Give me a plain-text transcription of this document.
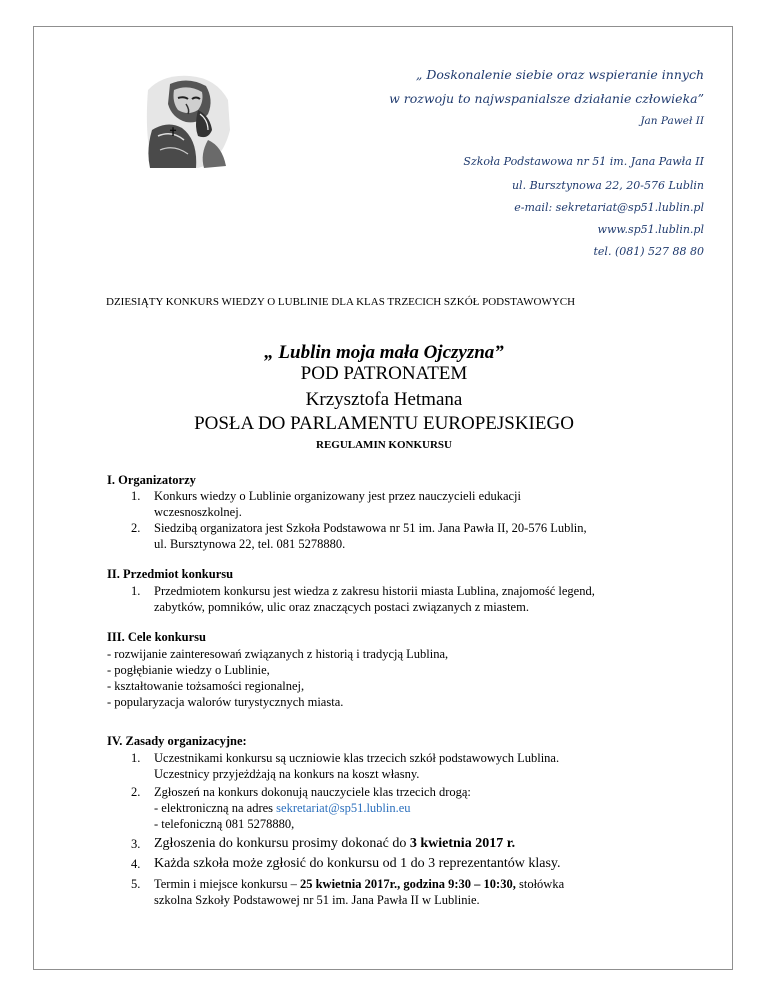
✝
„ Doskonalenie siebie oraz wspieranie innych
w rozwoju to najwspanialsze działanie człowieka”
Jan Paweł II
Szkoła Podstawowa nr 51 im. Jana Pawła II
ul. Bursztynowa 22, 20-576 Lublin
e-mail: sekretariat@sp51.lublin.pl
www.sp51.lublin.pl
tel. (081) 527 88 80
DZIESIĄTY KONKURS WIEDZY O LUBLINIE DLA KLAS TRZECICH SZKÓŁ PODSTAWOWYCH
„ Lublin moja mała Ojczyzna”
POD PATRONATEM
Krzysztofa Hetmana
POSŁA DO PARLAMENTU EUROPEJSKIEGO
REGULAMIN KONKURSU
I. Organizatorzy
1. Konkurs wiedzy o Lublinie organizowany jest przez nauczycieli edukacji
wczesnoszkolnej.
2. Siedzibą organizatora jest Szkoła Podstawowa nr 51 im. Jana Pawła II, 20-576 Lublin,
ul. Bursztynowa 22, tel. 081 5278880.
II. Przedmiot konkursu
1. Przedmiotem konkursu jest wiedza z zakresu historii miasta Lublina, znajomość legend,
zabytków, pomników, ulic oraz znaczących postaci związanych z miastem.
III. Cele konkursu
- rozwijanie zainteresowań związanych z historią i tradycją Lublina,
- pogłębianie wiedzy o Lublinie,
- kształtowanie tożsamości regionalnej,
- popularyzacja walorów turystycznych miasta.
IV. Zasady organizacyjne:
1. Uczestnikami konkursu są uczniowie klas trzecich szkół podstawowych Lublina.
Uczestnicy przyjeżdżają na konkurs na koszt własny.
2. Zgłoszeń na konkurs dokonują nauczyciele klas trzecich drogą:
- elektroniczną na adres sekretariat@sp51.lublin.eu
- telefoniczną 081 5278880,
3. Zgłoszenia do konkursu prosimy dokonać do 3 kwietnia 2017 r.
4. Każda szkoła może zgłosić do konkursu od 1 do 3 reprezentantów klasy.
5. Termin i miejsce konkursu – 25 kwietnia 2017r., godzina 9:30 – 10:30, stołówka
szkolna Szkoły Podstawowej nr 51 im. Jana Pawła II w Lublinie.
